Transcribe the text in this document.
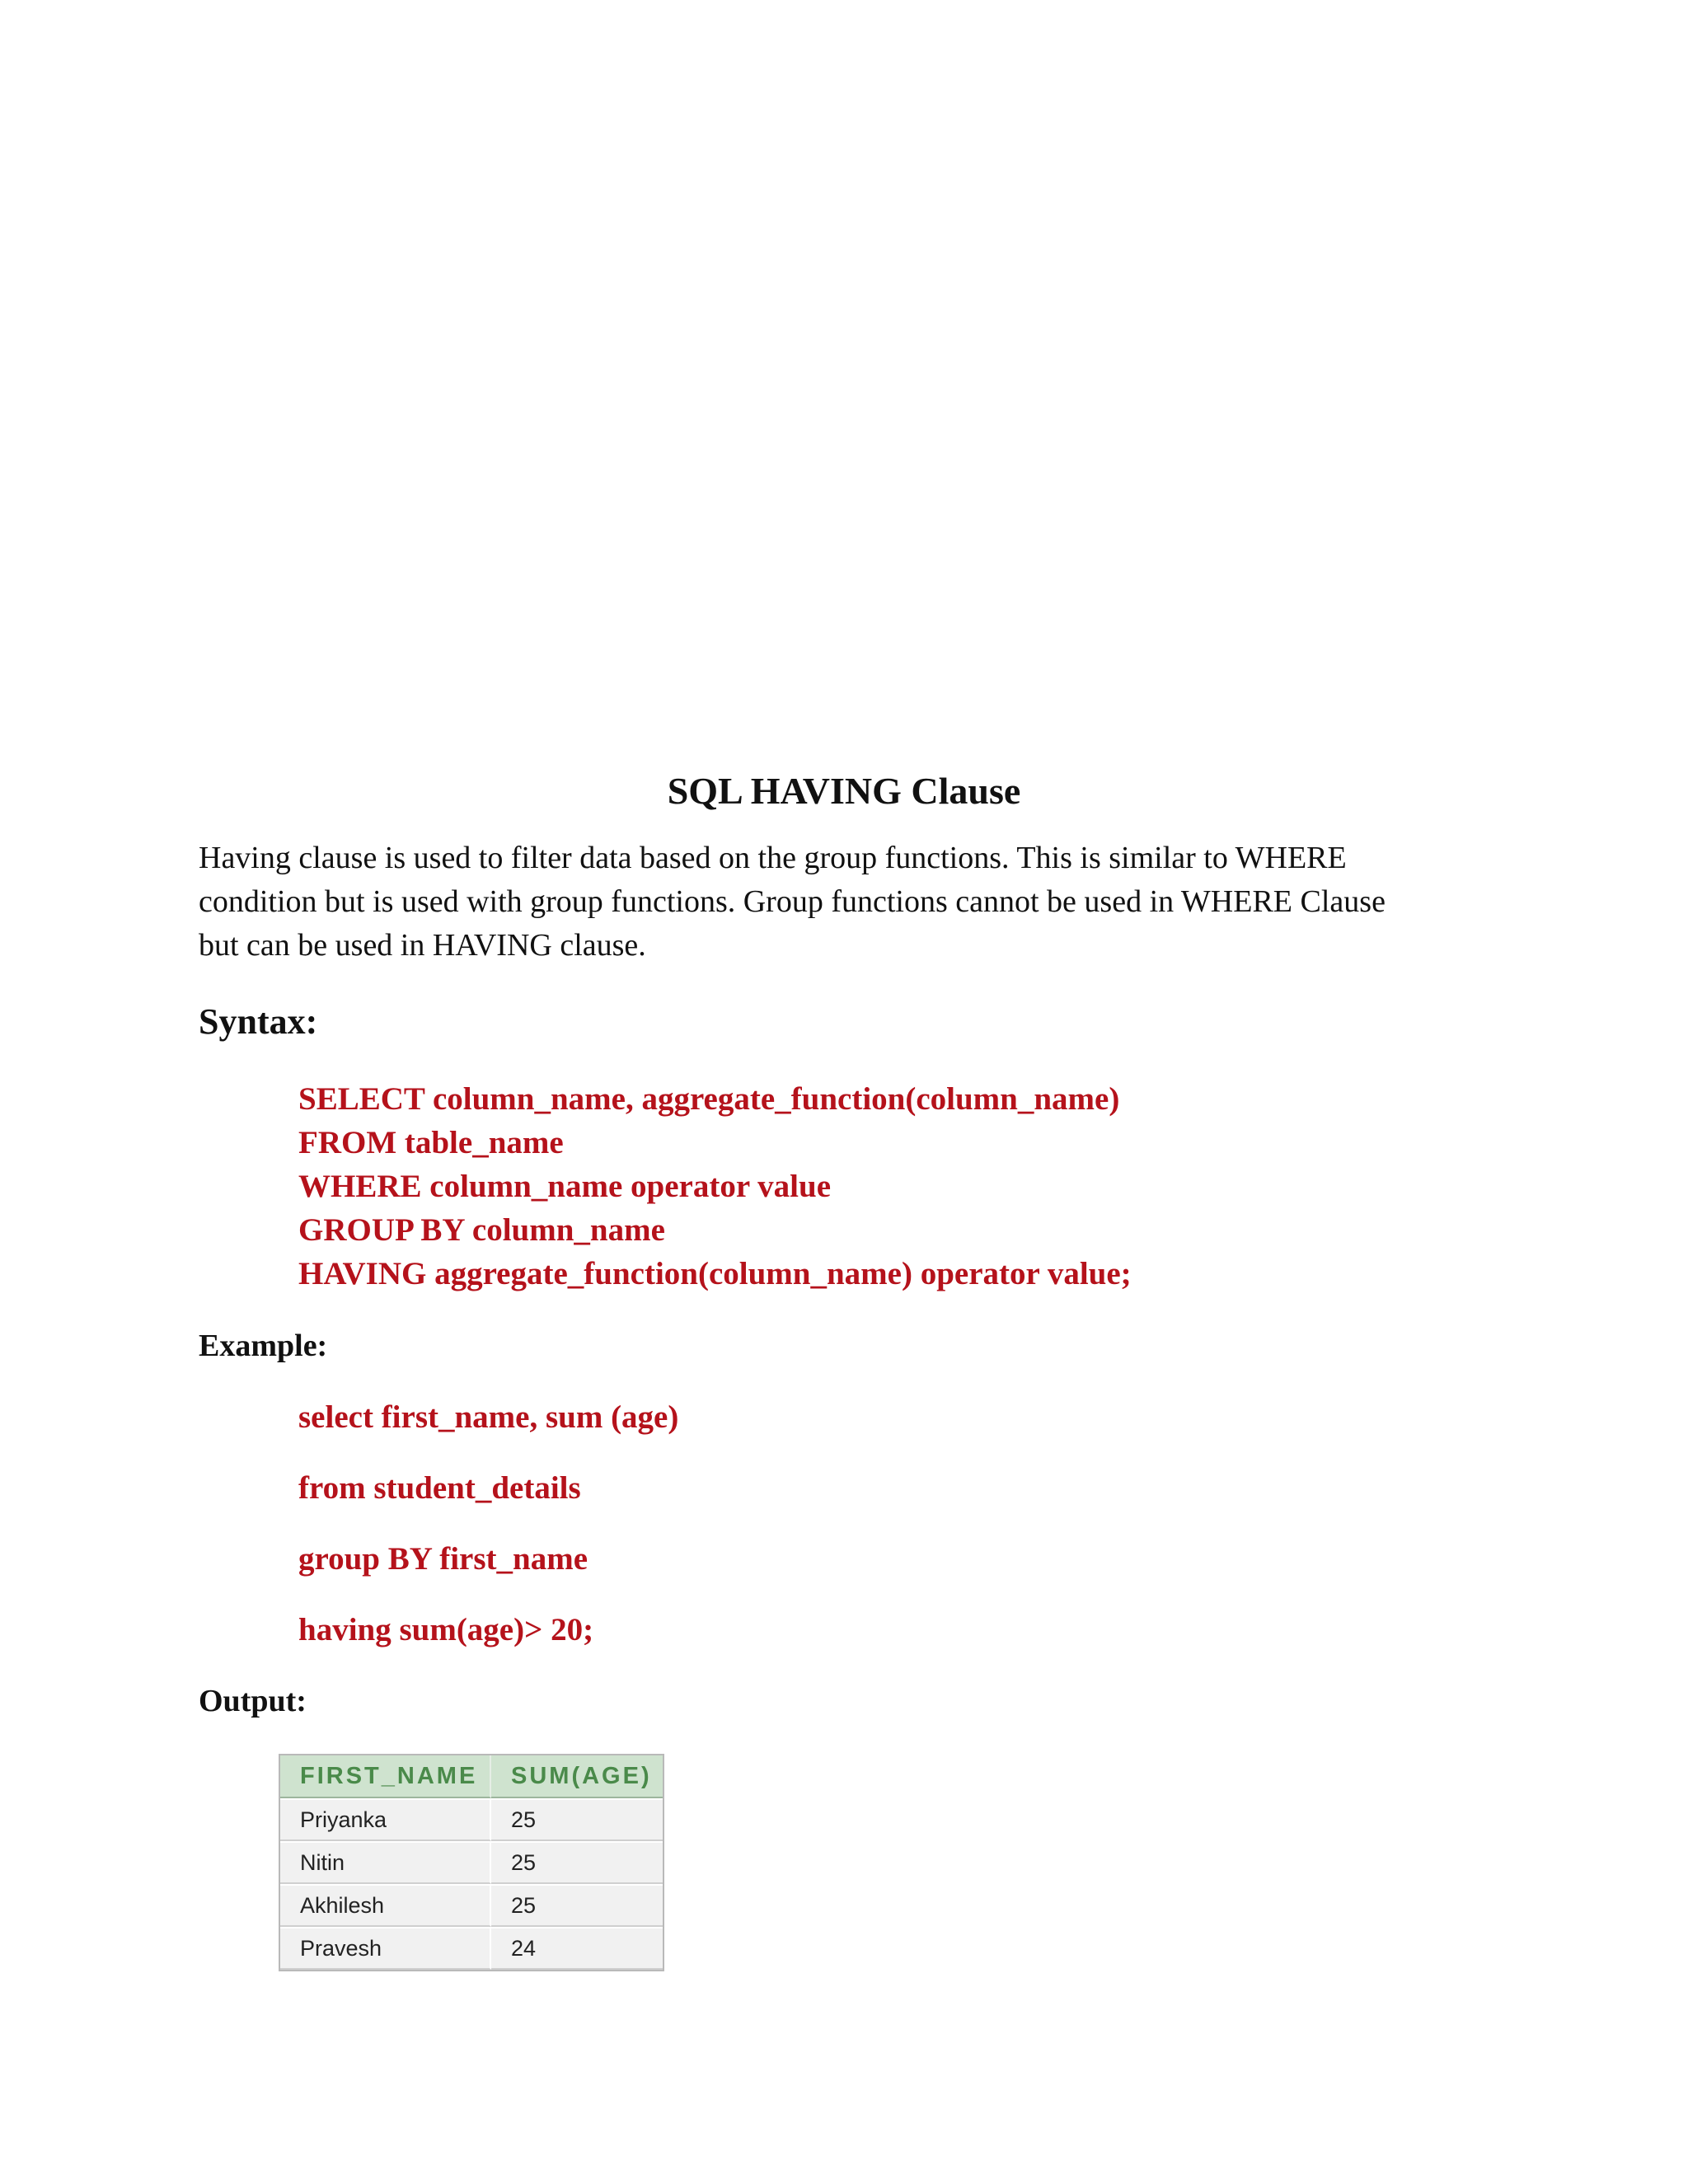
SQL HAVING Clause

Having clause is used to filter data based on the group functions. This is similar to WHERE

condition but is used with group functions. Group functions cannot be used in WHERE Clause

but can be used in HAVING clause.

Syntax:
SELECT column_name, aggregate_function(column_name)
FROM table_name
WHERE column_name operator value
GROUP BY column_name
HAVING aggregate_function(column_name) operator value;
Example:
select first_name, sum (age)
from student_details
group BY first_name
having sum(age)> 20;
Output:
FIRST_NAME	SUM(AGE)
Priyanka	25
Nitin	25
Akhilesh	25
Pravesh	24
